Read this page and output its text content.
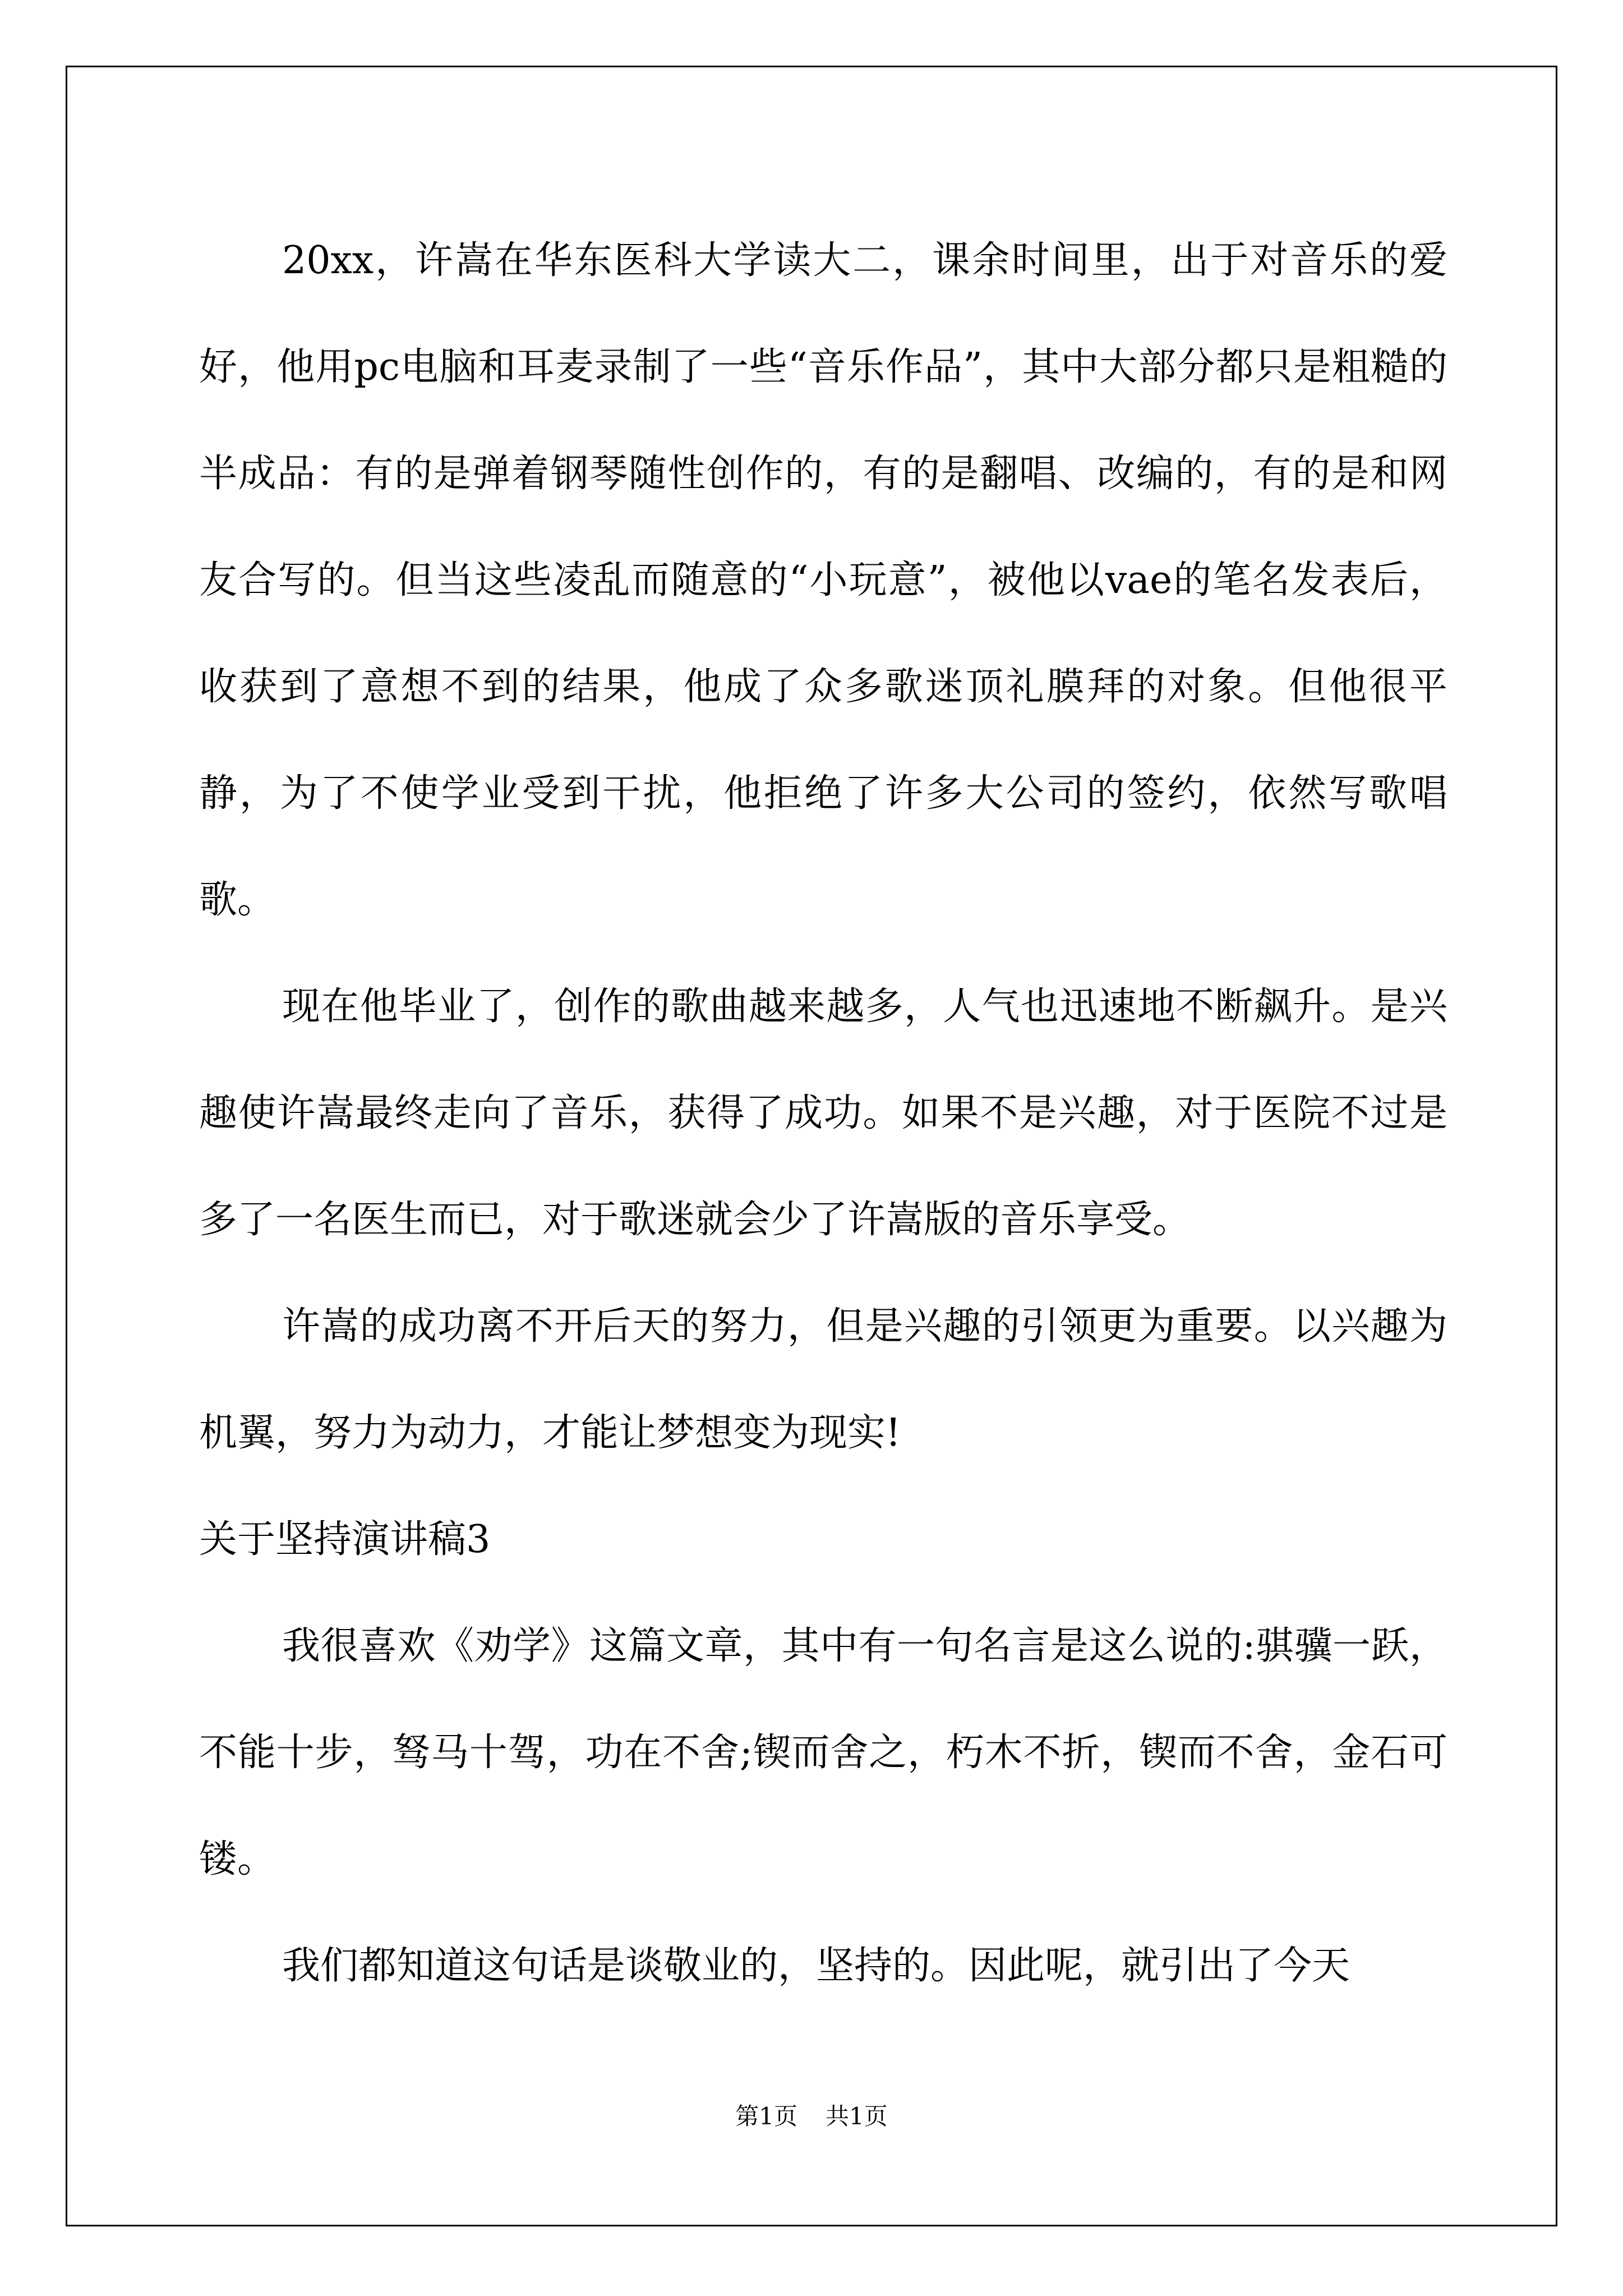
20xx，许嵩在华东医科大学读大二，课余时间里，出于对音乐的爱好，他用pc电脑和耳麦录制了一些“音乐作品”，其中大部分都只是粗糙的半成品：有的是弹着钢琴随性创作的，有的是翻唱、改编的，有的是和网友合写的。但当这些凌乱而随意的“小玩意”，被他以vae的笔名发表后，收获到了意想不到的结果，他成了众多歌迷顶礼膜拜的对象。但他很平静，为了不使学业受到干扰，他拒绝了许多大公司的签约，依然写歌唱歌。

现在他毕业了，创作的歌曲越来越多，人气也迅速地不断飙升。是兴趣使许嵩最终走向了音乐，获得了成功。如果不是兴趣，对于医院不过是多了一名医生而已，对于歌迷就会少了许嵩版的音乐享受。

许嵩的成功离不开后天的努力，但是兴趣的引领更为重要。以兴趣为机翼，努力为动力，才能让梦想变为现实!

关于坚持演讲稿3

我很喜欢《劝学》这篇文章，其中有一句名言是这么说的:骐骥一跃，不能十步，驽马十驾，功在不舍;锲而舍之，朽木不折，锲而不舍，金石可镂。

我们都知道这句话是谈敬业的，坚持的。因此呢，就引出了今天

第1页 共1页
